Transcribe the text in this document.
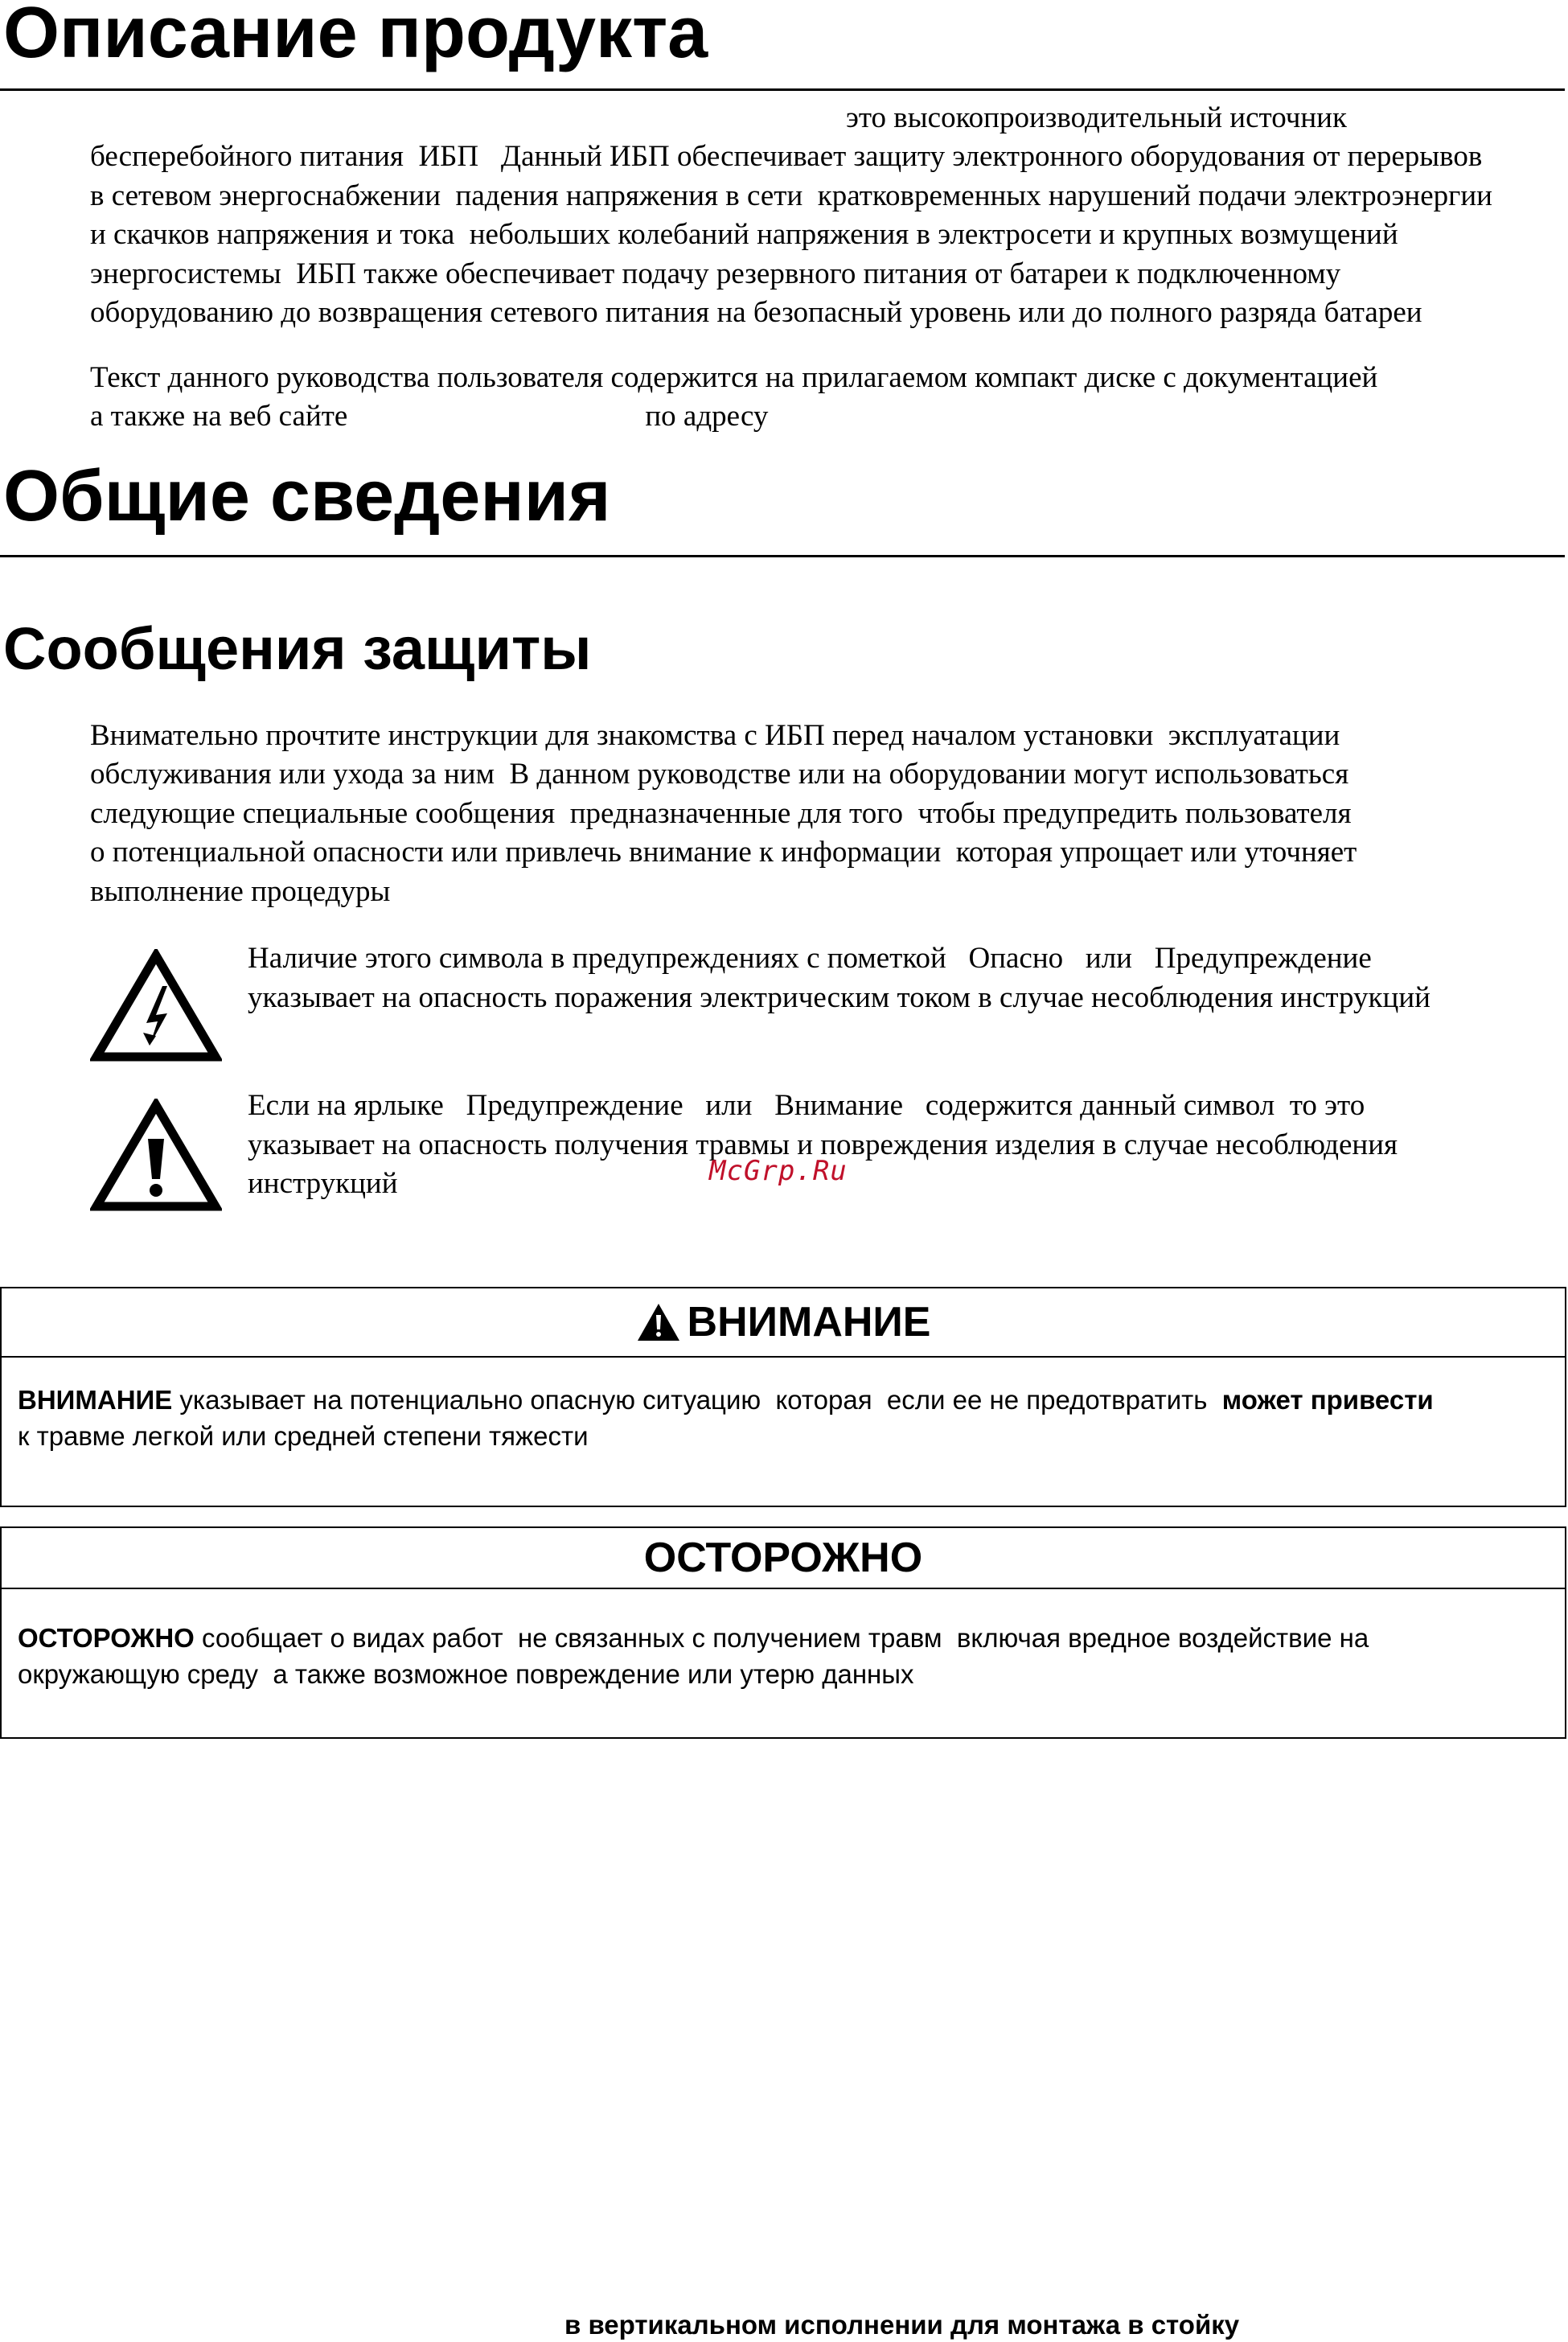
Описание продукта
это высокопроизводительный источник
бесперебойного питания  ИБП   Данный ИБП обеспечивает защиту электронного оборудования от перерывов
в сетевом энергоснабжении  падения напряжения в сети  кратковременных нарушений подачи электроэнергии
и скачков напряжения и тока  небольших колебаний напряжения в электросети и крупных возмущений
энергосистемы  ИБП также обеспечивает подачу резервного питания от батареи к подключенному
оборудованию до возвращения сетевого питания на безопасный уровень или до полного разряда батареи
Текст данного руководства пользователя содержится на прилагаемом компакт диске с документацией
а также на веб сайте                                        по адресу
Общие сведения
Сообщения защиты
Внимательно прочтите инструкции для знакомства с ИБП перед началом установки  эксплуатации
обслуживания или ухода за ним  В данном руководстве или на оборудовании могут использоваться
следующие специальные сообщения  предназначенные для того  чтобы предупредить пользователя
о потенциальной опасности или привлечь внимание к информации  которая упрощает или уточняет
выполнение процедуры
Наличие этого символа в предупреждениях с пометкой   Опасно   или   Предупреждение
указывает на опасность поражения электрическим током в случае несоблюдения инструкций
Если на ярлыке   Предупреждение   или   Внимание   содержится данный символ  то это
указывает на опасность получения травмы и повреждения изделия в случае несоблюдения
инструкций	McGrp.Ru
ВНИМАНИЕ
ВНИМАНИЕ указывает на потенциально опасную ситуацию  которая  если ее не предотвратить  может привести
к травме легкой или средней степени тяжести
ОСТОРОЖНО
ОСТОРОЖНО сообщает о видах работ  не связанных с получением травм  включая вредное воздействие на
окружающую среду  а также возможное повреждение или утерю данных
в вертикальном исполнении для монтажа в стойку
